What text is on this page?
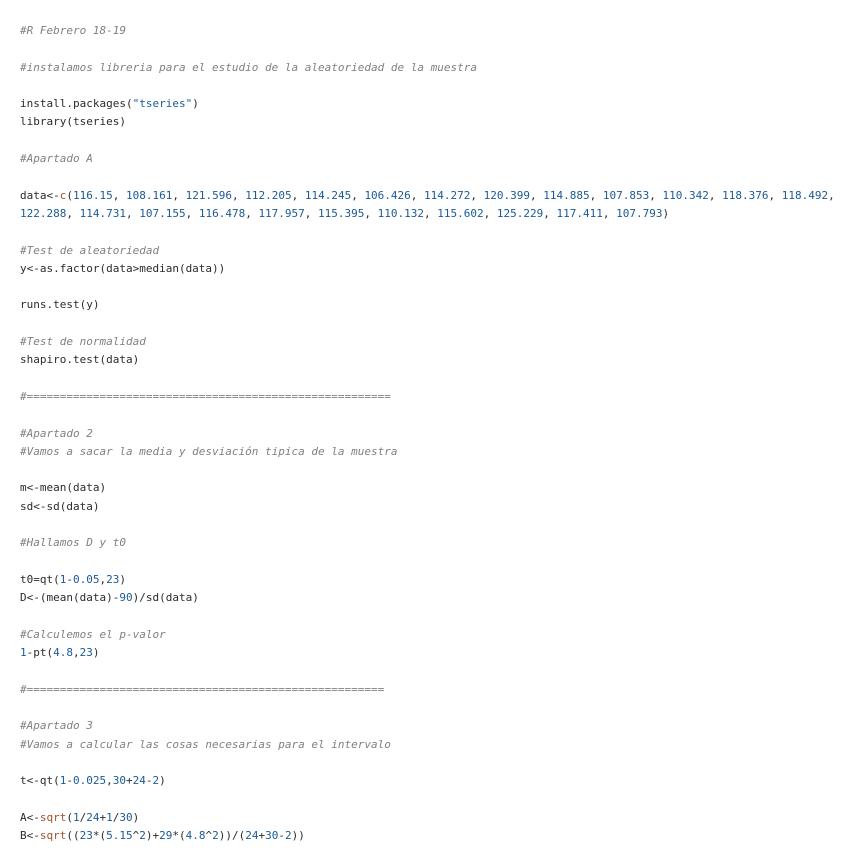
#R Febrero 18-19
#instalamos libreria para el estudio de la aleatoriedad de la muestra
install.packages("tseries")
library(tseries)
#Apartado A
data<-c(116.15, 108.161, 121.596, 112.205, 114.245, 106.426, 114.272, 120.399, 114.885, 107.853, 110.342, 118.376, 118.492,
122.288, 114.731, 107.155, 116.478, 117.957, 115.395, 110.132, 115.602, 125.229, 117.411, 107.793)
#Test de aleatoriedad
y<-as.factor(data>median(data))
runs.test(y)
#Test de normalidad
shapiro.test(data)
#=======================================================
#Apartado 2
#Vamos a sacar la media y desviación tipica de la muestra
m<-mean(data)
sd<-sd(data)
#Hallamos D y t0
t0=qt(1-0.05,23)
D<-(mean(data)-90)/sd(data)
#Calculemos el p-valor
1-pt(4.8,23)
#======================================================
#Apartado 3
#Vamos a calcular las cosas necesarias para el intervalo
t<-qt(1-0.025,30+24-2)
A<-sqrt(1/24+1/30)
B<-sqrt((23*(5.15^2)+29*(4.8^2))/(24+30-2))
